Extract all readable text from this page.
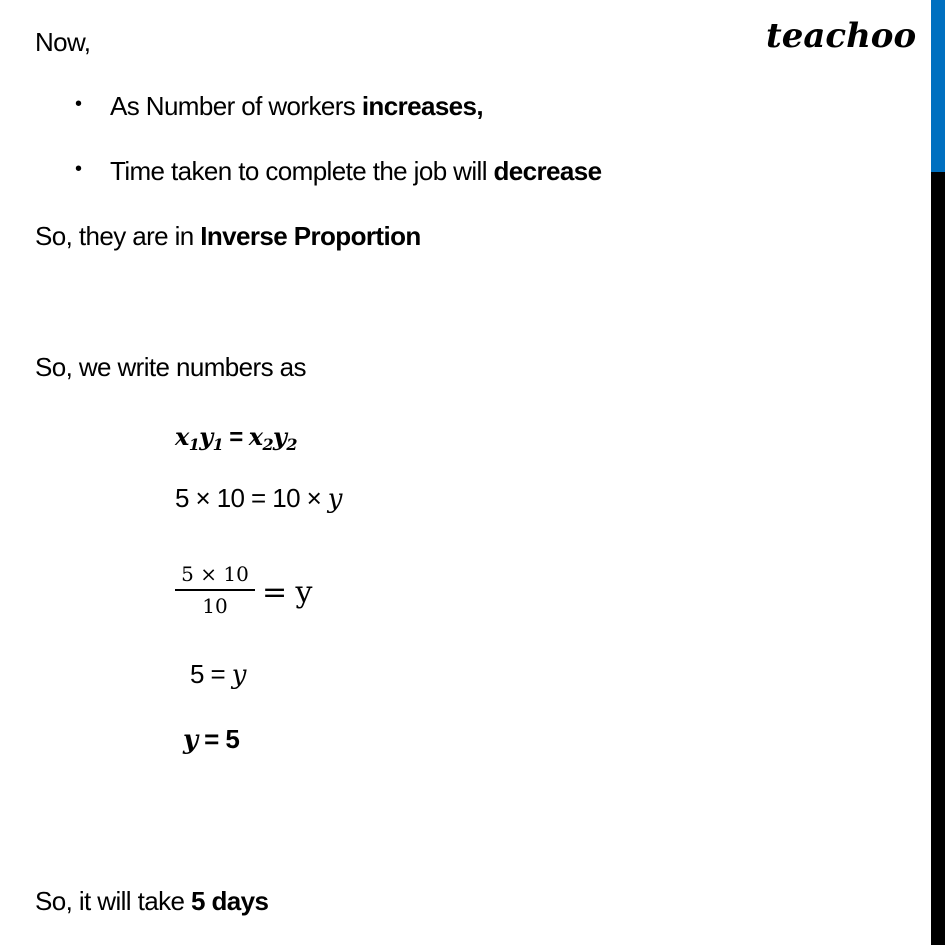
teachoo
Now,
• As Number of workers increases,
• Time taken to complete the job will decrease
So, they are in Inverse Proportion
So, we write numbers as
$x_1y_1 = x_2y_2$
5 × 10 = 10 × y
5 × 10
10	= y
5 = y
y = 5
So, it will take 5 days
